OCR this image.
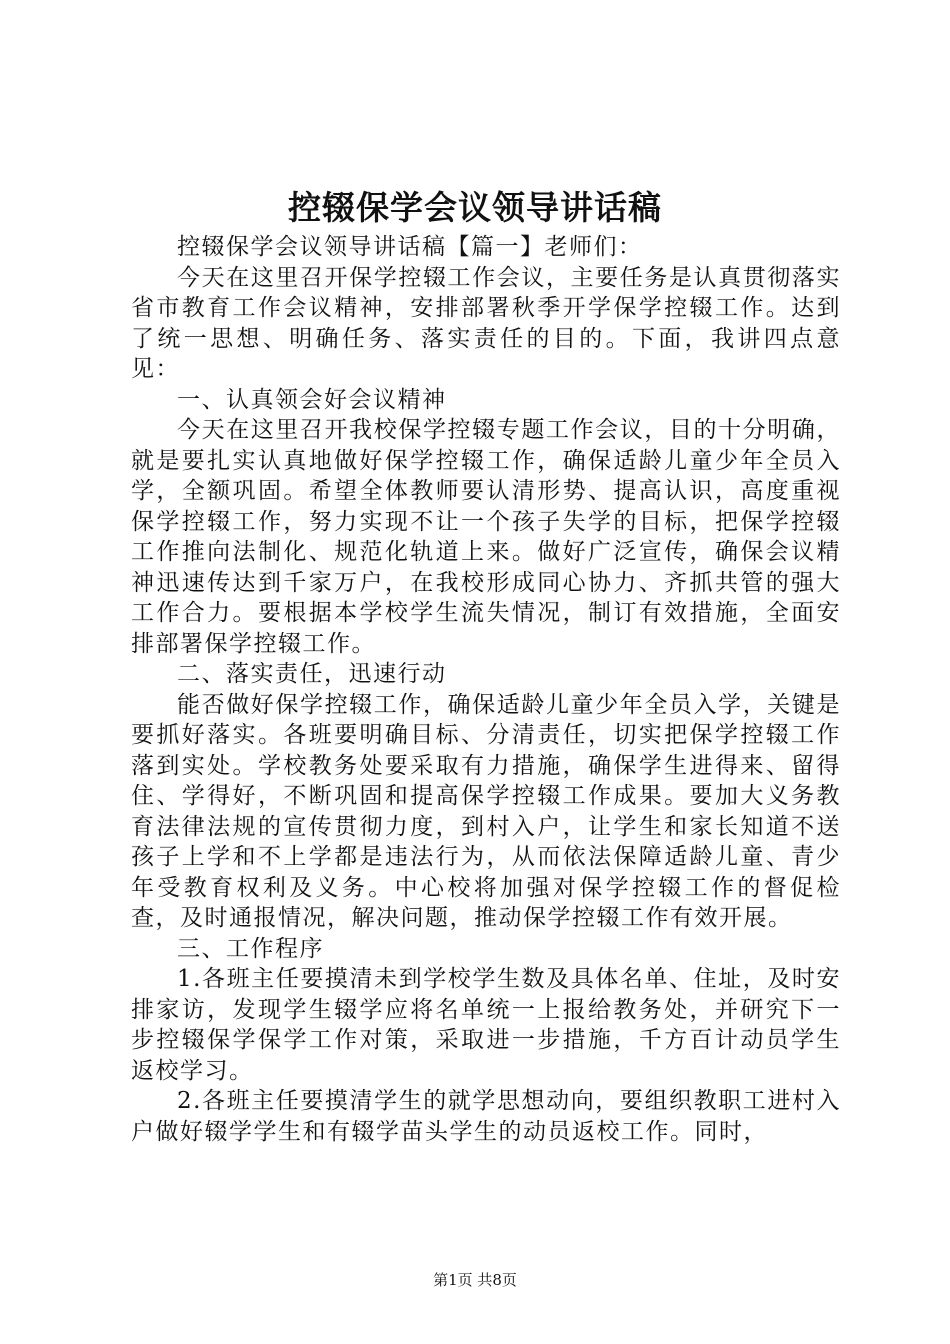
控辍保学会议领导讲话稿

控辍保学会议领导讲话稿【篇一】老师们：

今天在这里召开保学控辍工作会议，主要任务是认真贯彻落实省市教育工作会议精神，安排部署秋季开学保学控辍工作。达到了统一思想、明确任务、落实责任的目的。下面，我讲四点意见：

一、认真领会好会议精神

今天在这里召开我校保学控辍专题工作会议，目的十分明确，就是要扎实认真地做好保学控辍工作，确保适龄儿童少年全员入学，全额巩固。希望全体教师要认清形势、提高认识，高度重视保学控辍工作，努力实现不让一个孩子失学的目标，把保学控辍工作推向法制化、规范化轨道上来。做好广泛宣传，确保会议精神迅速传达到千家万户，在我校形成同心协力、齐抓共管的强大工作合力。要根据本学校学生流失情况，制订有效措施，全面安排部署保学控辍工作。

二、落实责任，迅速行动

能否做好保学控辍工作，确保适龄儿童少年全员入学，关键是要抓好落实。各班要明确目标、分清责任，切实把保学控辍工作落到实处。学校教务处要采取有力措施，确保学生进得来、留得住、学得好，不断巩固和提高保学控辍工作成果。要加大义务教育法律法规的宣传贯彻力度，到村入户，让学生和家长知道不送孩子上学和不上学都是违法行为，从而依法保障适龄儿童、青少年受教育权利及义务。中心校将加强对保学控辍工作的督促检查，及时通报情况，解决问题，推动保学控辍工作有效开展。

三、工作程序

1.各班主任要摸清未到学校学生数及具体名单、住址，及时安排家访，发现学生辍学应将名单统一上报给教务处，并研究下一步控辍保学保学工作对策，采取进一步措施，千方百计动员学生返校学习。

2.各班主任要摸清学生的就学思想动向，要组织教职工进村入户做好辍学学生和有辍学苗头学生的动员返校工作。同时，

第1页 共8页
